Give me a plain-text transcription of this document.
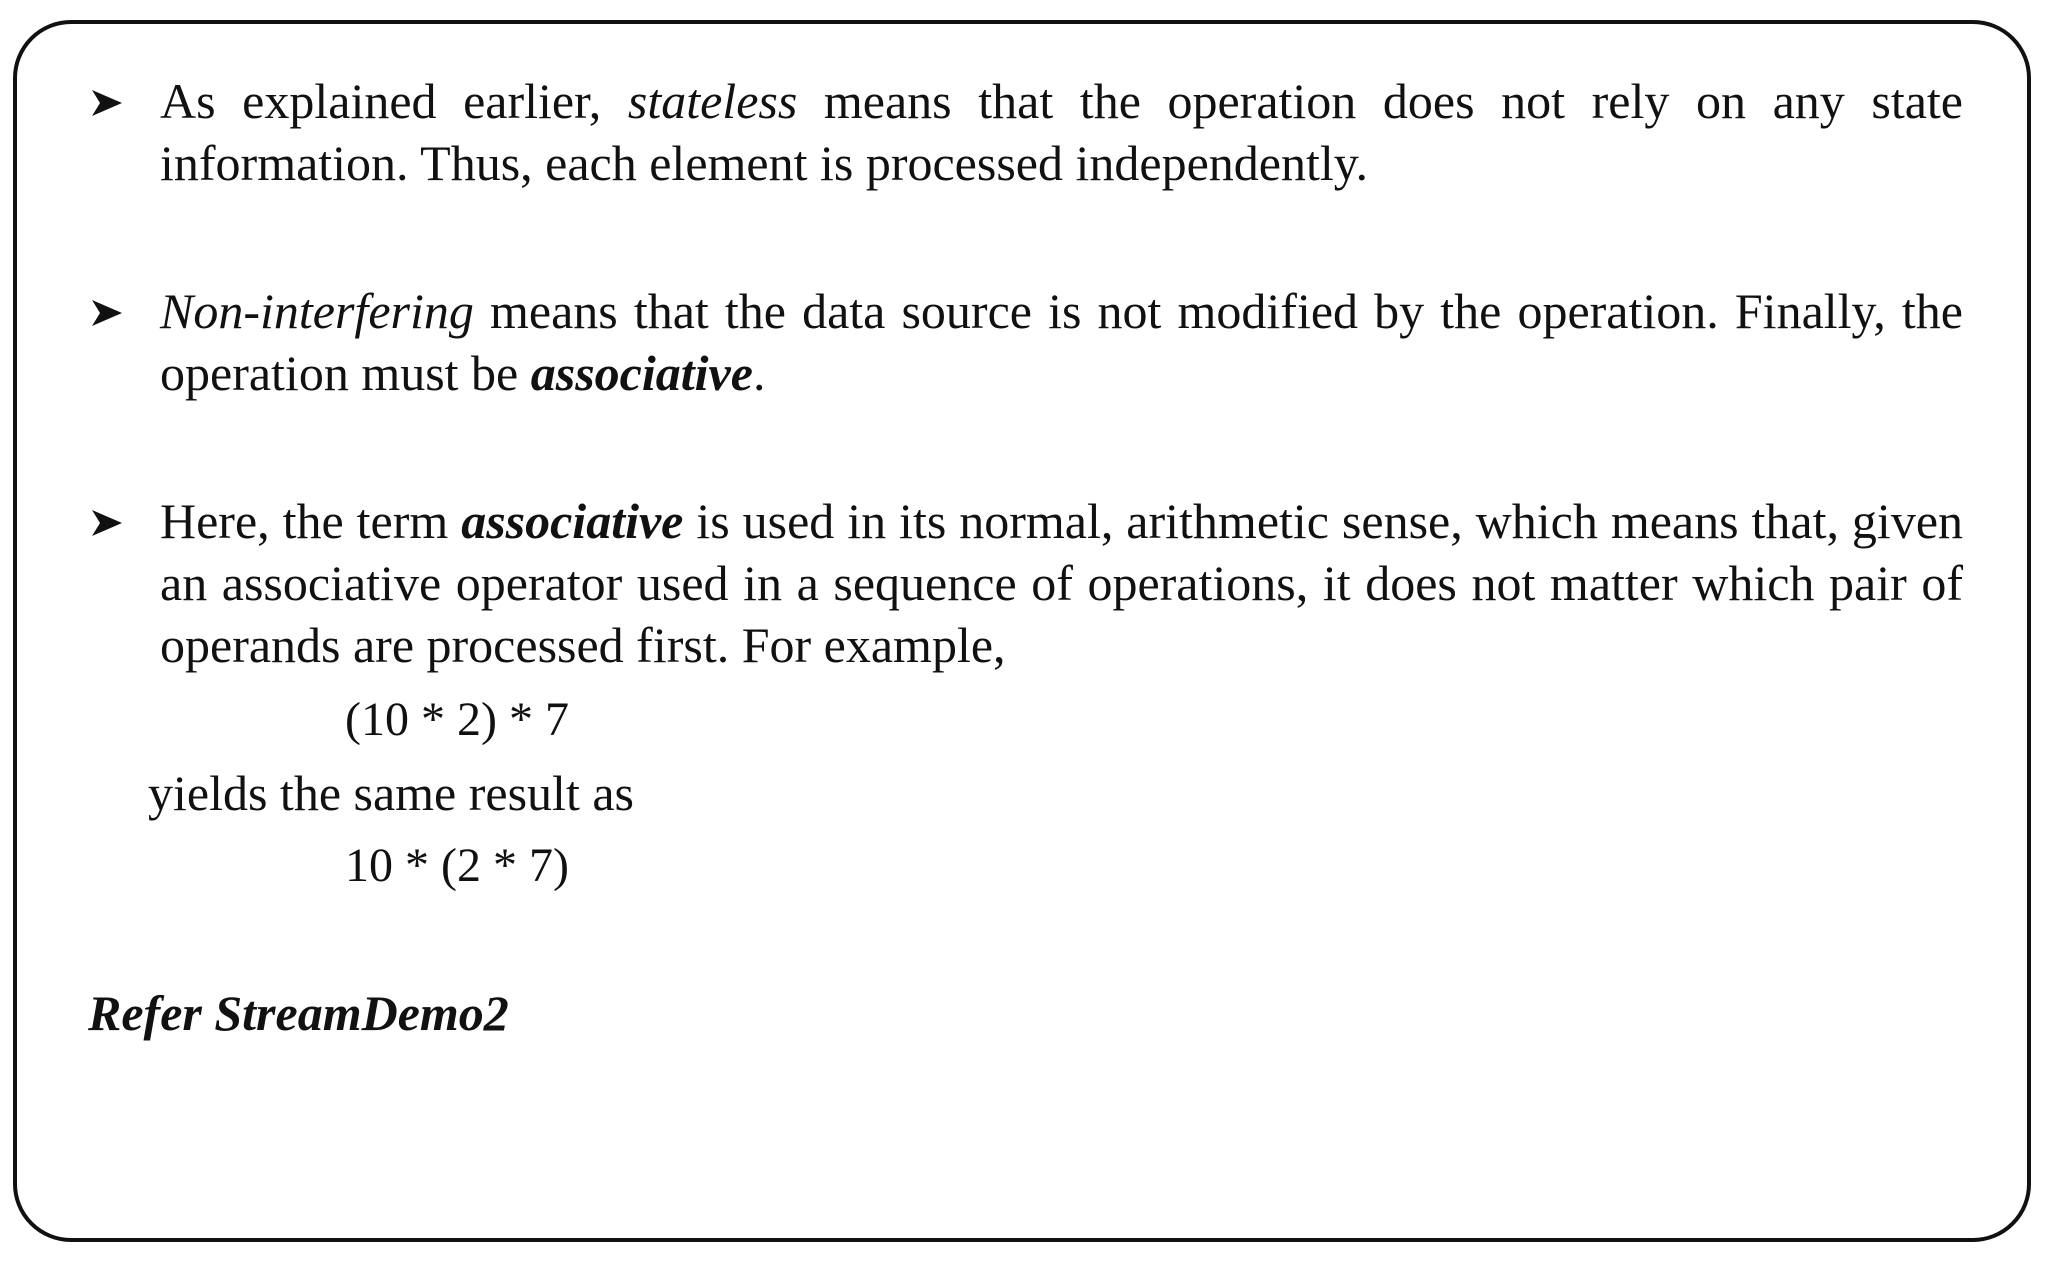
As explained earlier, stateless means that the operation does not rely on any state information. Thus, each element is processed independently.
Non-interfering means that the data source is not modified by the operation. Finally, the operation must be associative.
Here, the term associative is used in its normal, arithmetic sense, which means that, given an associative operator used in a sequence of operations, it does not matter which pair of operands are processed first. For example,
(10 * 2) * 7
yields the same result as
10 * (2 * 7)
Refer StreamDemo2
